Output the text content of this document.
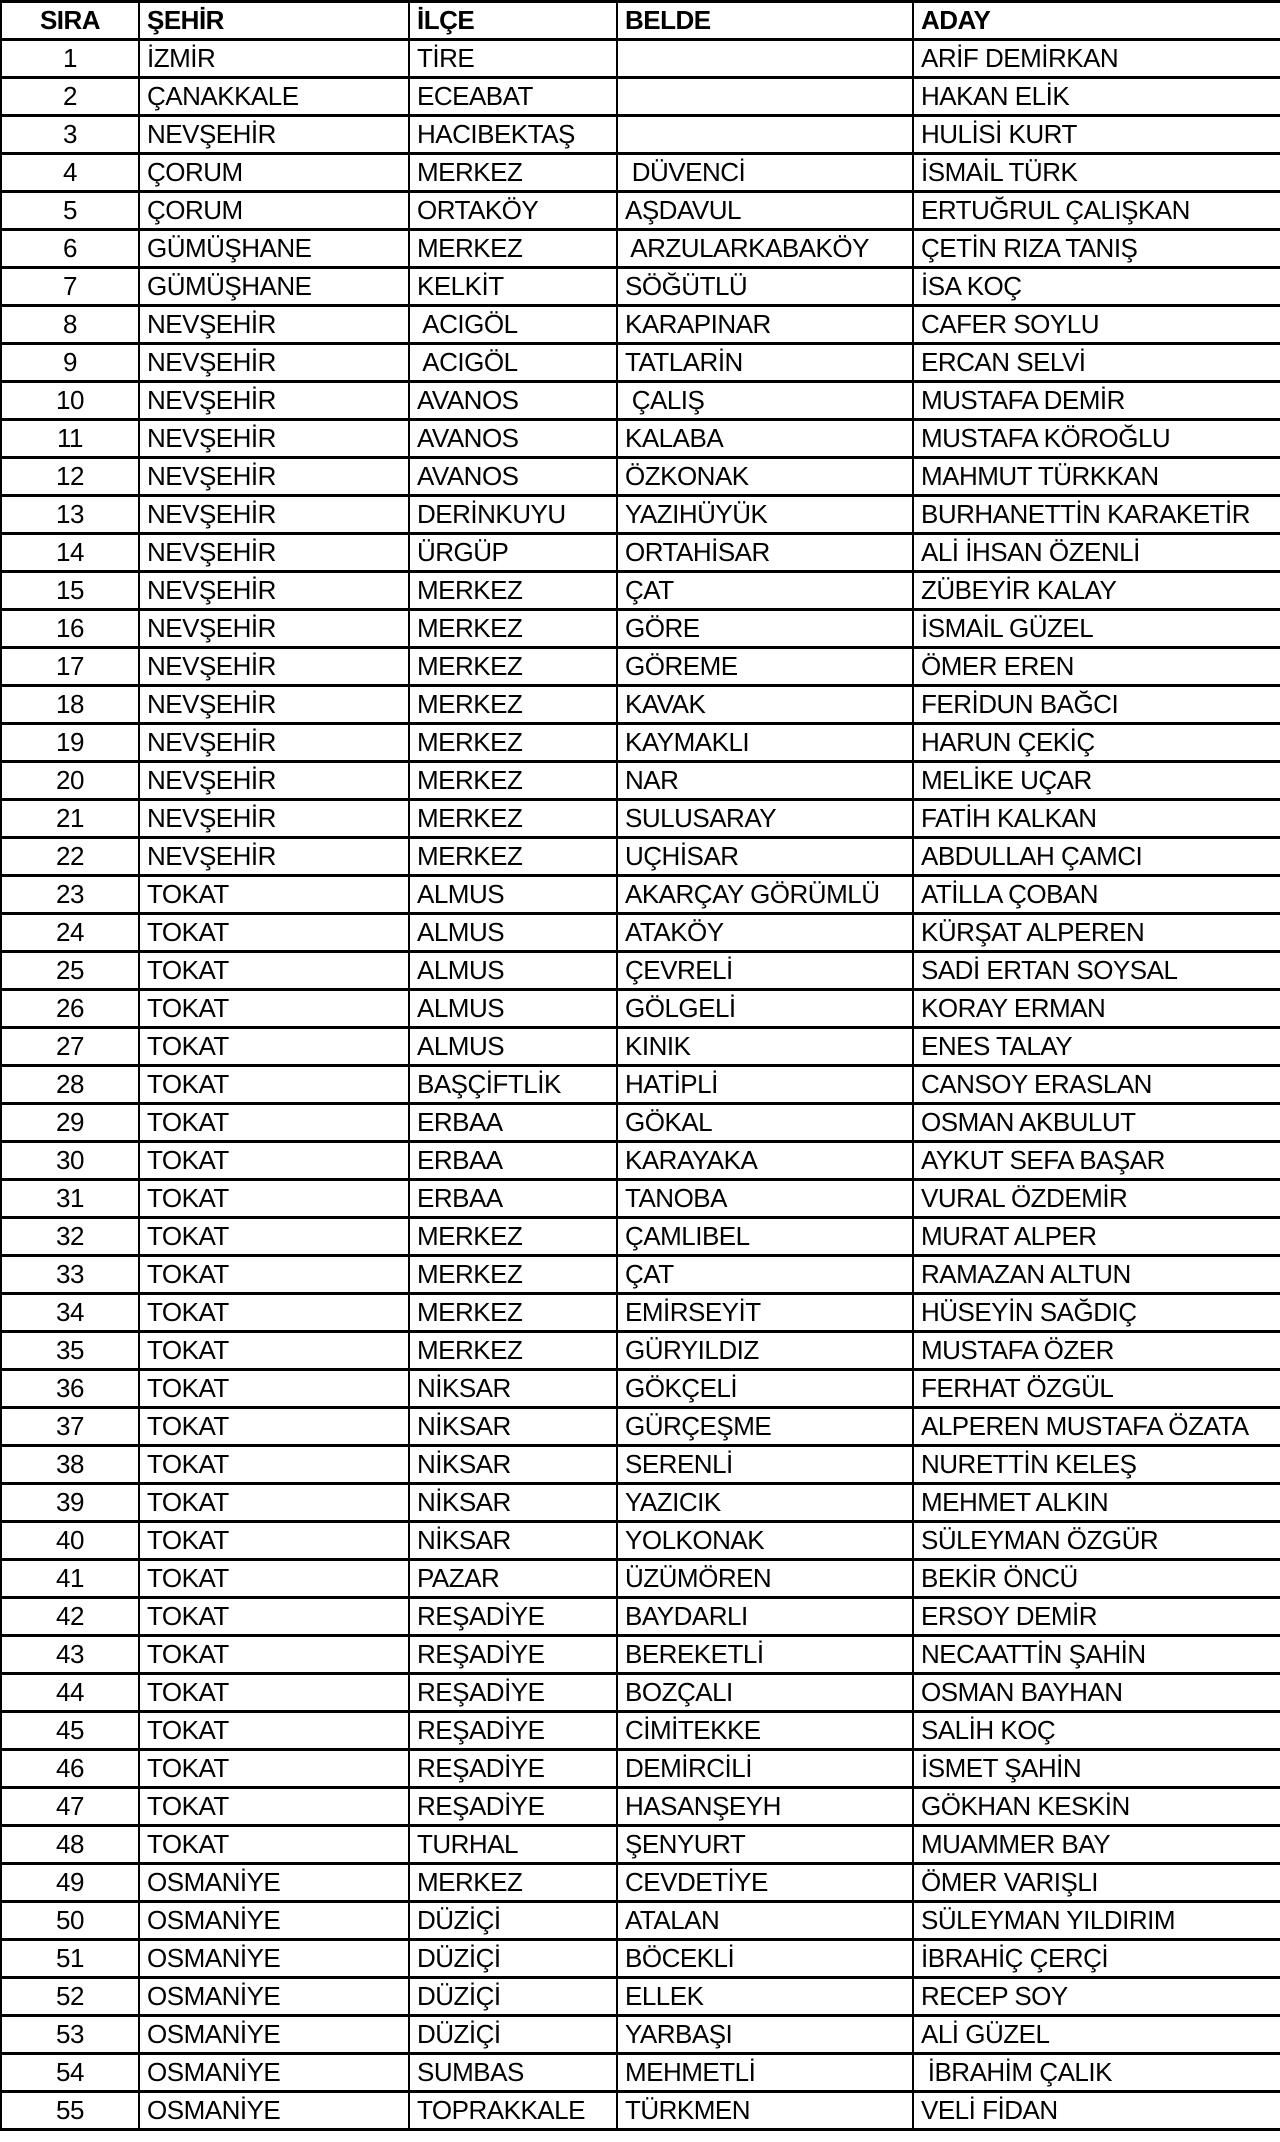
SIRA	ŞEHİR	İLÇE	BELDE	ADAY
1	İZMİR	TİRE		ARİF DEMİRKAN
2	ÇANAKKALE	ECEABAT		HAKAN ELİK
3	NEVŞEHİR	HACIBEKTAŞ		HULİSİ KURT
4	ÇORUM	MERKEZ	DÜVENCİ	İSMAİL TÜRK
5	ÇORUM	ORTAKÖY	AŞDAVUL	ERTUĞRUL ÇALIŞKAN
6	GÜMÜŞHANE	MERKEZ	ARZULARKABAKÖY	ÇETİN RIZA TANIŞ
7	GÜMÜŞHANE	KELKİT	SÖĞÜTLÜ	İSA KOÇ
8	NEVŞEHİR	ACIGÖL	KARAPINAR	CAFER SOYLU
9	NEVŞEHİR	ACIGÖL	TATLARİN	ERCAN SELVİ
10	NEVŞEHİR	AVANOS	ÇALIŞ	MUSTAFA DEMİR
11	NEVŞEHİR	AVANOS	KALABA	MUSTAFA KÖROĞLU
12	NEVŞEHİR	AVANOS	ÖZKONAK	MAHMUT TÜRKKAN
13	NEVŞEHİR	DERİNKUYU	YAZIHÜYÜK	BURHANETTİN KARAKETİR
14	NEVŞEHİR	ÜRGÜP	ORTAHİSAR	ALİ İHSAN ÖZENLİ
15	NEVŞEHİR	MERKEZ	ÇAT	ZÜBEYİR KALAY
16	NEVŞEHİR	MERKEZ	GÖRE	İSMAİL GÜZEL
17	NEVŞEHİR	MERKEZ	GÖREME	ÖMER EREN
18	NEVŞEHİR	MERKEZ	KAVAK	FERİDUN BAĞCI
19	NEVŞEHİR	MERKEZ	KAYMAKLI	HARUN ÇEKİÇ
20	NEVŞEHİR	MERKEZ	NAR	MELİKE UÇAR
21	NEVŞEHİR	MERKEZ	SULUSARAY	FATİH KALKAN
22	NEVŞEHİR	MERKEZ	UÇHİSAR	ABDULLAH ÇAMCI
23	TOKAT	ALMUS	AKARÇAY GÖRÜMLÜ	ATİLLA ÇOBAN
24	TOKAT	ALMUS	ATAKÖY	KÜRŞAT ALPEREN
25	TOKAT	ALMUS	ÇEVRELİ	SADİ ERTAN SOYSAL
26	TOKAT	ALMUS	GÖLGELİ	KORAY ERMAN
27	TOKAT	ALMUS	KINIK	ENES TALAY
28	TOKAT	BAŞÇİFTLİK	HATİPLİ	CANSOY ERASLAN
29	TOKAT	ERBAA	GÖKAL	OSMAN AKBULUT
30	TOKAT	ERBAA	KARAYAKA	AYKUT SEFA BAŞAR
31	TOKAT	ERBAA	TANOBA	VURAL ÖZDEMİR
32	TOKAT	MERKEZ	ÇAMLIBEL	MURAT ALPER
33	TOKAT	MERKEZ	ÇAT	RAMAZAN ALTUN
34	TOKAT	MERKEZ	EMİRSEYİT	HÜSEYİN SAĞDIÇ
35	TOKAT	MERKEZ	GÜRYILDIZ	MUSTAFA ÖZER
36	TOKAT	NİKSAR	GÖKÇELİ	FERHAT ÖZGÜL
37	TOKAT	NİKSAR	GÜRÇEŞME	ALPEREN MUSTAFA ÖZATA
38	TOKAT	NİKSAR	SERENLİ	NURETTİN KELEŞ
39	TOKAT	NİKSAR	YAZICIK	MEHMET ALKIN
40	TOKAT	NİKSAR	YOLKONAK	SÜLEYMAN ÖZGÜR
41	TOKAT	PAZAR	ÜZÜMÖREN	BEKİR ÖNCÜ
42	TOKAT	REŞADİYE	BAYDARLI	ERSOY DEMİR
43	TOKAT	REŞADİYE	BEREKETLİ	NECAATTİN ŞAHİN
44	TOKAT	REŞADİYE	BOZÇALI	OSMAN BAYHAN
45	TOKAT	REŞADİYE	CİMİTEKKE	SALİH KOÇ
46	TOKAT	REŞADİYE	DEMİRCİLİ	İSMET ŞAHİN
47	TOKAT	REŞADİYE	HASANŞEYH	GÖKHAN KESKİN
48	TOKAT	TURHAL	ŞENYURT	MUAMMER BAY
49	OSMANİYE	MERKEZ	CEVDETİYE	ÖMER VARIŞLI
50	OSMANİYE	DÜZİÇİ	ATALAN	SÜLEYMAN YILDIRIM
51	OSMANİYE	DÜZİÇİ	BÖCEKLİ	İBRAHİÇ ÇERÇİ
52	OSMANİYE	DÜZİÇİ	ELLEK	RECEP SOY
53	OSMANİYE	DÜZİÇİ	YARBAŞI	ALİ GÜZEL
54	OSMANİYE	SUMBAS	MEHMETLİ	İBRAHİM ÇALIK
55	OSMANİYE	TOPRAKKALE	TÜRKMEN	VELİ FİDAN
